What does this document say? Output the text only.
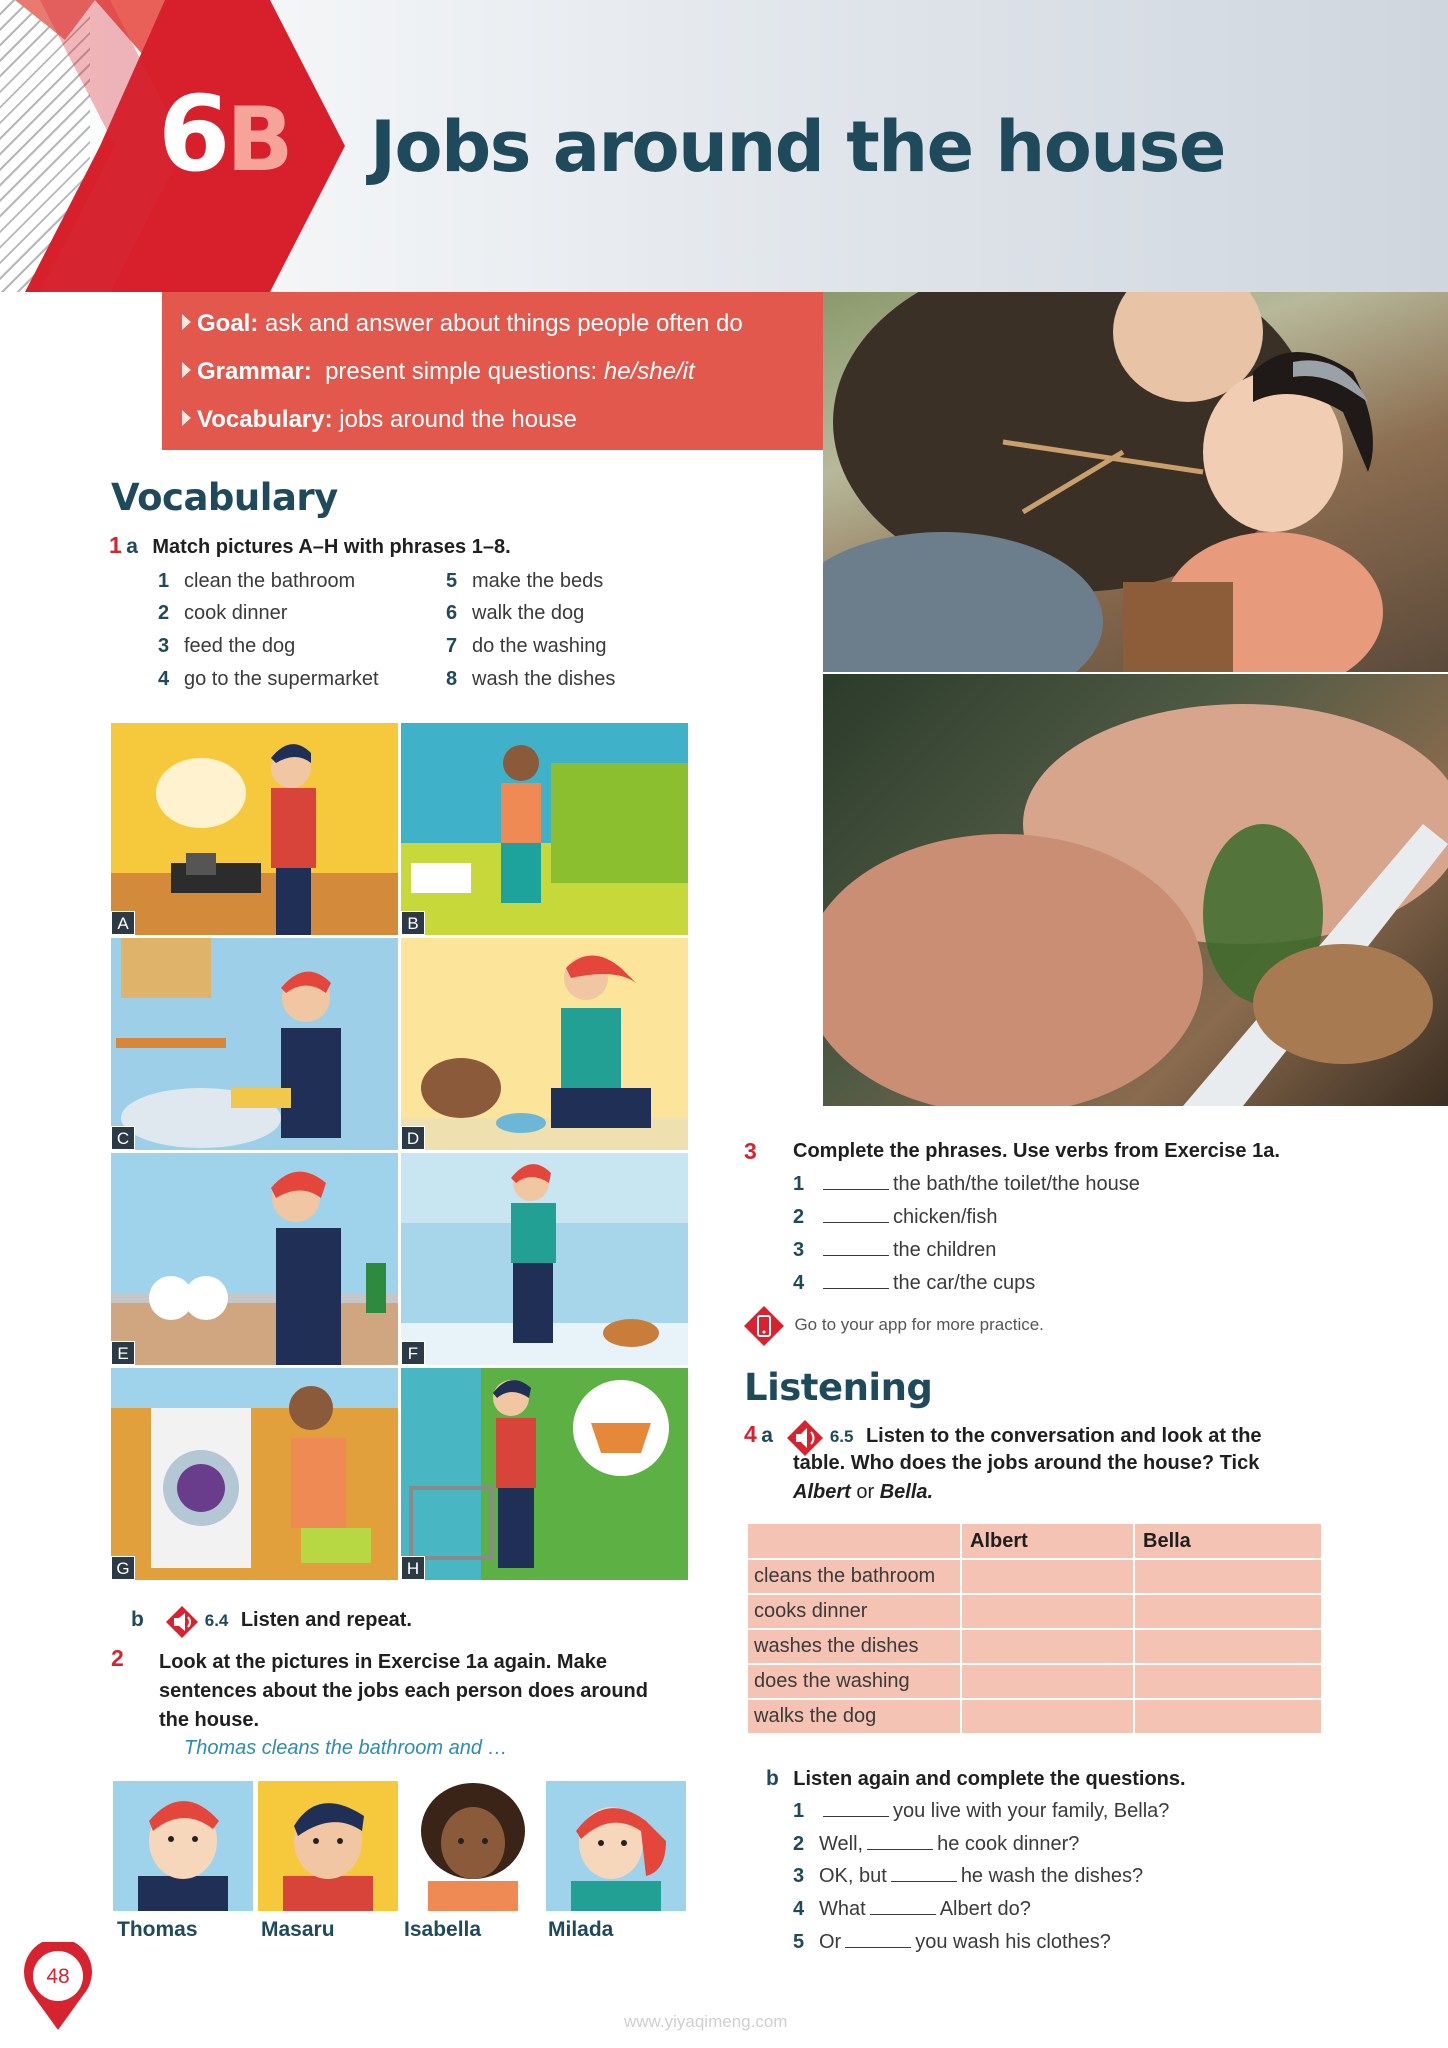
6B Jobs around the house
Goal: ask and answer about things people often do
Grammar: present simple questions: he/she/it
Vocabulary: jobs around the house
Vocabulary
1 a Match pictures A–H with phrases 1–8.
1 clean the bathroom
2 cook dinner
3 feed the dog
4 go to the supermarket
5 make the beds
6 walk the dog
7 do the washing
8 wash the dishes
A	B
C	D
E	F
G	H
b	6.4 Listen and repeat.
2 Look at the pictures in Exercise 1a again. Make
sentences about the jobs each person does around
the house.
Thomas cleans the bathroom and …
Thomas	Masaru	Isabella	Milada
3 Complete the phrases. Use verbs from Exercise 1a.
1	the bath/the toilet/the house
2	chicken/fish
3	the children
4	the car/the cups
Go to your app for more practice.
Listening
4 a	6.5 Listen to the conversation and look at the
table. Who does the jobs around the house? Tick
Albert or Bella.
	Albert	Bella
cleans the bathroom		
cooks dinner		
washes the dishes		
does the washing		
walks the dog		
b Listen again and complete the questions.
1	you live with your family, Bella?
2 Well,	he cook dinner?
3 OK, but	he wash the dishes?
4 What	Albert do?
5 Or	you wash his clothes?
48
www.yiyaqimeng.com
